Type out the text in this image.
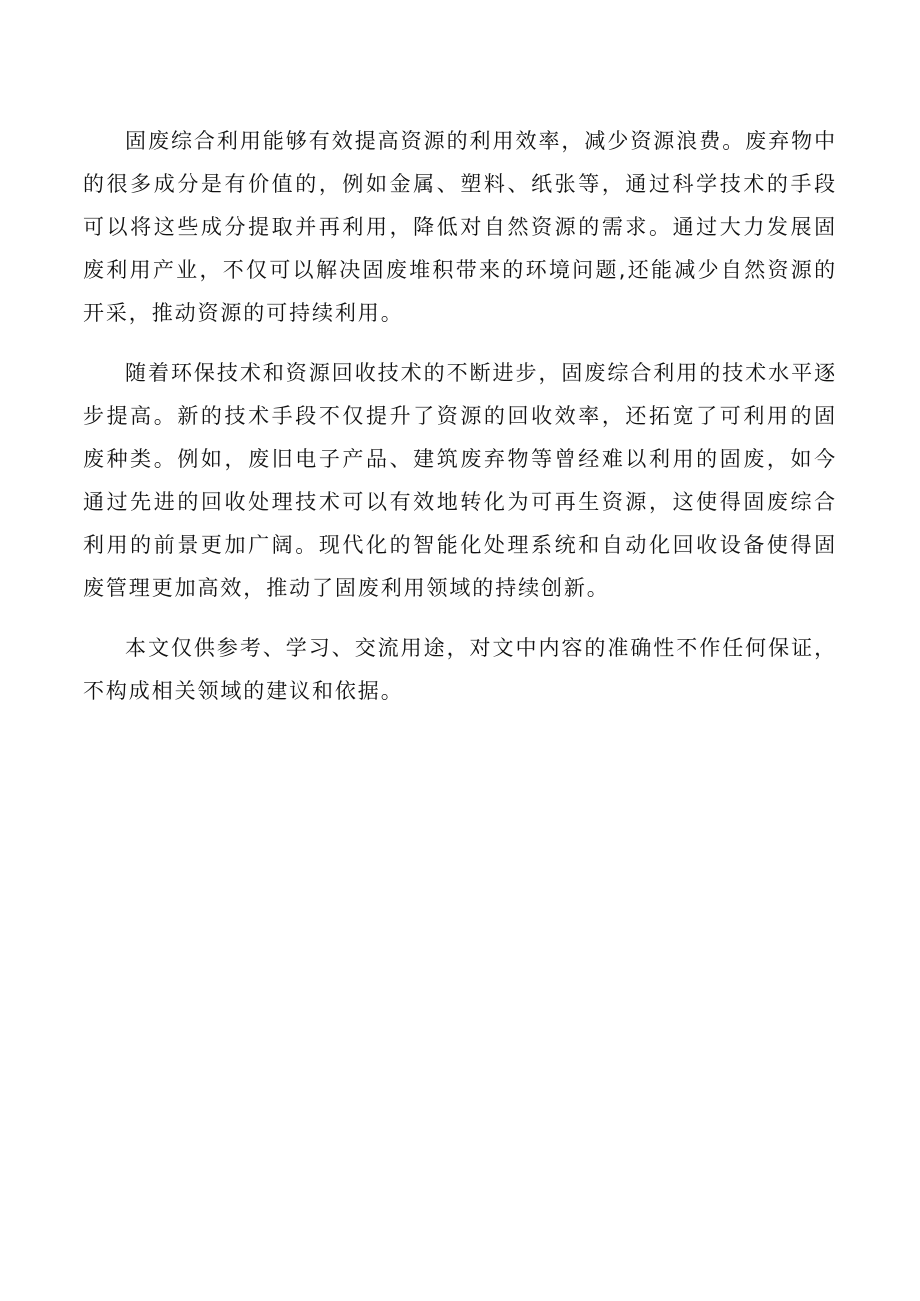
固废综合利用能够有效提高资源的利用效率，减少资源浪费。废弃物中的很多成分是有价值的，例如金属、塑料、纸张等，通过科学技术的手段可以将这些成分提取并再利用，降低对自然资源的需求。通过大力发展固废利用产业，不仅可以解决固废堆积带来的环境问题,还能减少自然资源的开采，推动资源的可持续利用。

随着环保技术和资源回收技术的不断进步，固废综合利用的技术水平逐步提高。新的技术手段不仅提升了资源的回收效率，还拓宽了可利用的固废种类。例如，废旧电子产品、建筑废弃物等曾经难以利用的固废，如今通过先进的回收处理技术可以有效地转化为可再生资源，这使得固废综合利用的前景更加广阔。现代化的智能化处理系统和自动化回收设备使得固废管理更加高效，推动了固废利用领域的持续创新。

本文仅供参考、学习、交流用途，对文中内容的准确性不作任何保证，不构成相关领域的建议和依据。
